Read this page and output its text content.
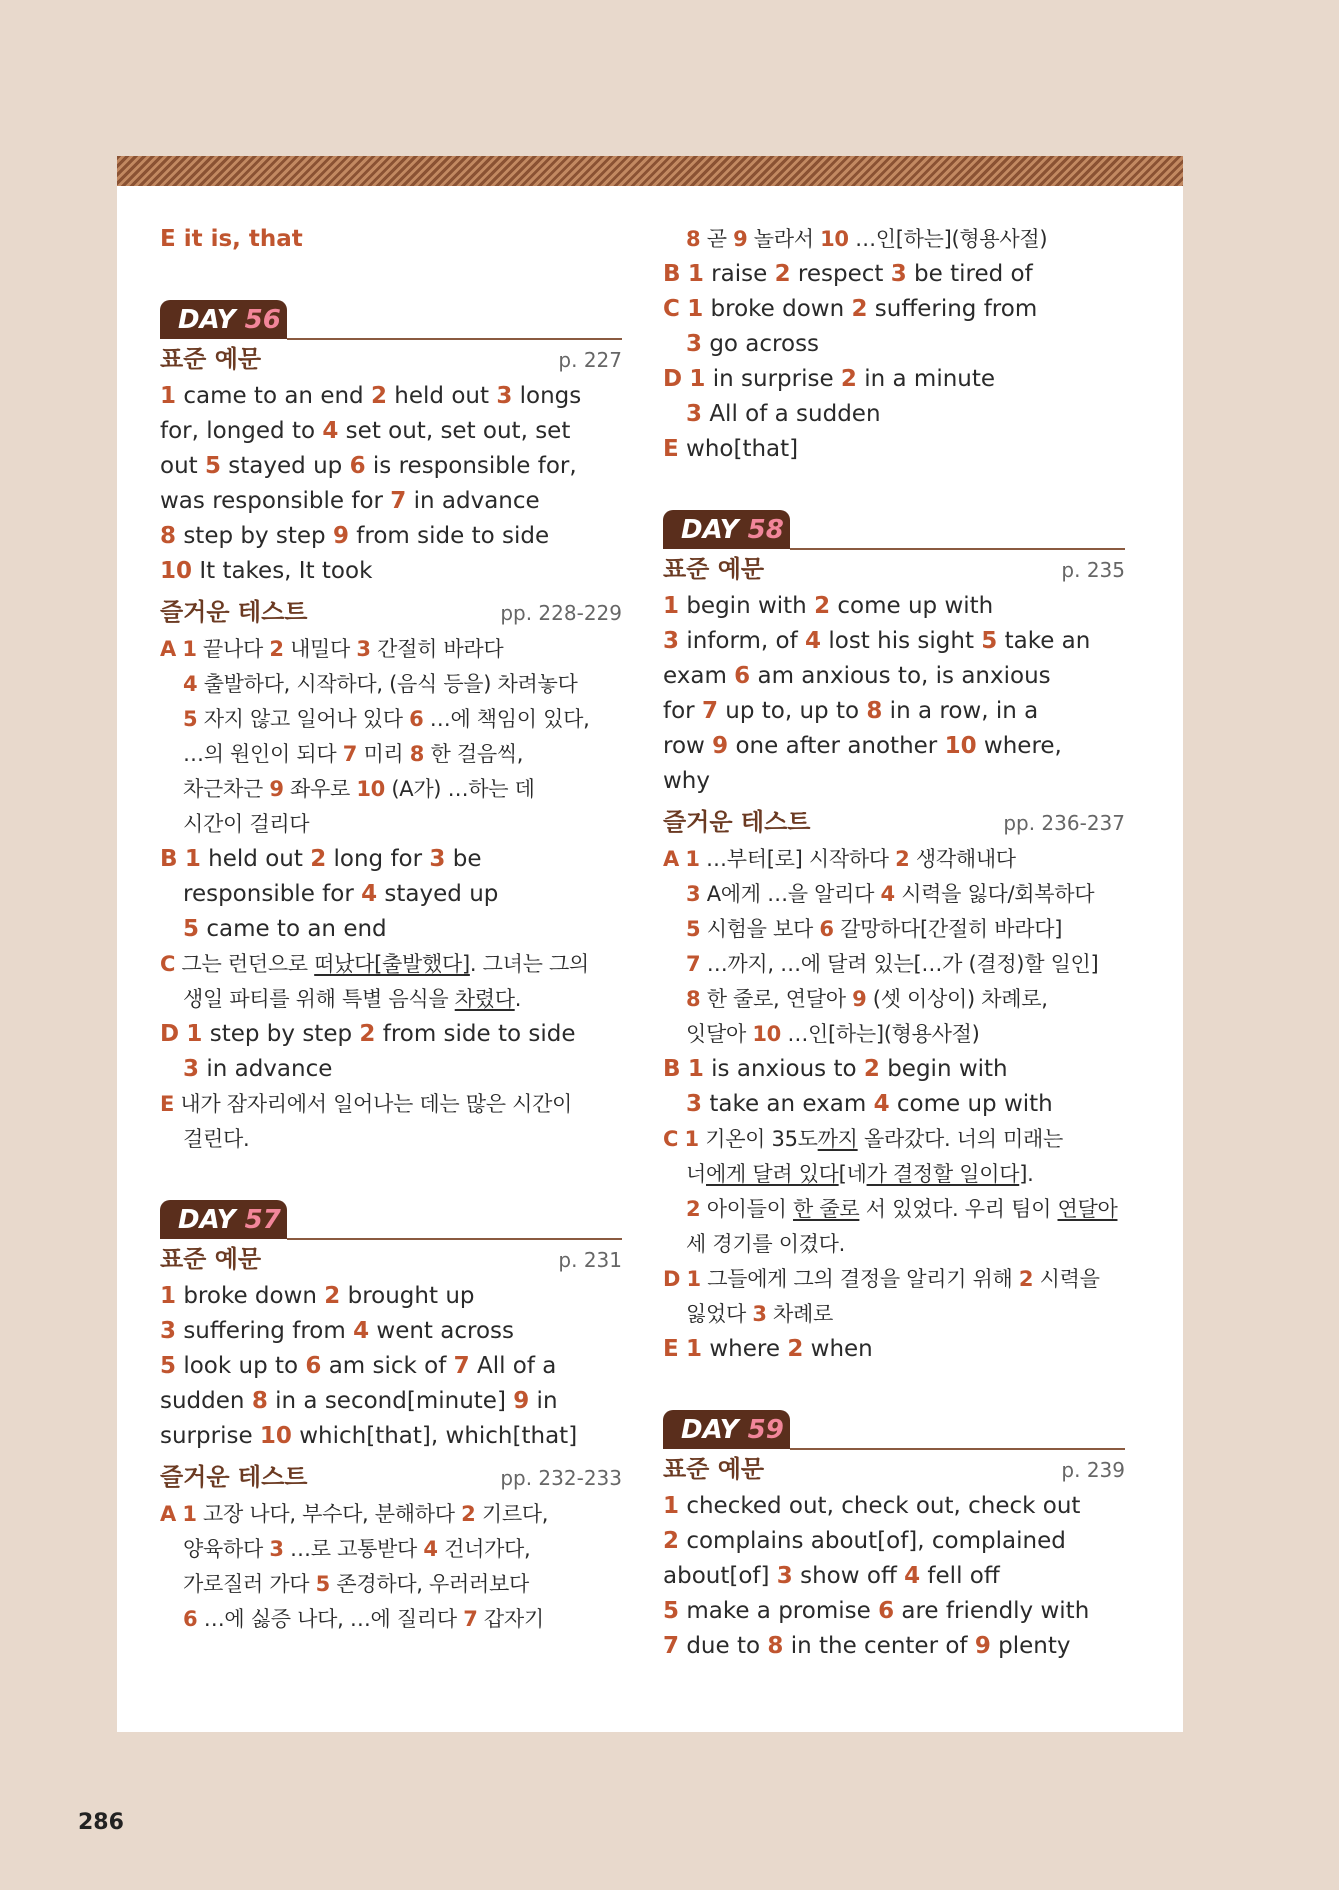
E it is, that
DAY 56
표준 예문	p. 227
1 came to an end 2 held out 3 longs
for, longed to 4 set out, set out, set
out 5 stayed up 6 is responsible for,
was responsible for 7 in advance
8 step by step 9 from side to side
10 It takes, It took
즐거운 테스트	pp. 228-229
A 1 끝나다 2 내밀다 3 간절히 바라다
4 출발하다, 시작하다, (음식 등을) 차려놓다
5 자지 않고 일어나 있다 6 …에 책임이 있다,
…의 원인이 되다 7 미리 8 한 걸음씩,
차근차근 9 좌우로 10 (A가) …하는 데
시간이 걸리다
B 1 held out 2 long for 3 be
responsible for 4 stayed up
5 came to an end
C 그는 런던으로 떠났다[출발했다]. 그녀는 그의
생일 파티를 위해 특별 음식을 차렸다.
D 1 step by step 2 from side to side
3 in advance
E 내가 잠자리에서 일어나는 데는 많은 시간이
걸린다.
DAY 57
표준 예문	p. 231
1 broke down 2 brought up
3 suffering from 4 went across
5 look up to 6 am sick of 7 All of a
sudden 8 in a second[minute] 9 in
surprise 10 which[that], which[that]
즐거운 테스트	pp. 232-233
A 1 고장 나다, 부수다, 분해하다 2 기르다,
양육하다 3 …로 고통받다 4 건너가다,
가로질러 가다 5 존경하다, 우러러보다
6 …에 싫증 나다, …에 질리다 7 갑자기
8 곧 9 놀라서 10 …인[하는](형용사절)
B 1 raise 2 respect 3 be tired of
C 1 broke down 2 suffering from
3 go across
D 1 in surprise 2 in a minute
3 All of a sudden
E who[that]
DAY 58
표준 예문	p. 235
1 begin with 2 come up with
3 inform, of 4 lost his sight 5 take an
exam 6 am anxious to, is anxious
for 7 up to, up to 8 in a row, in a
row 9 one after another 10 where,
why
즐거운 테스트	pp. 236-237
A 1 …부터[로] 시작하다 2 생각해내다
3 A에게 …을 알리다 4 시력을 잃다/회복하다
5 시험을 보다 6 갈망하다[간절히 바라다]
7 …까지, …에 달려 있는[…가 (결정)할 일인]
8 한 줄로, 연달아 9 (셋 이상이) 차례로,
잇달아 10 …인[하는](형용사절)
B 1 is anxious to 2 begin with
3 take an exam 4 come up with
C 1 기온이 35도까지 올라갔다. 너의 미래는
너에게 달려 있다[네가 결정할 일이다].
2 아이들이 한 줄로 서 있었다. 우리 팀이 연달아
세 경기를 이겼다.
D 1 그들에게 그의 결정을 알리기 위해 2 시력을
잃었다 3 차례로
E 1 where 2 when
DAY 59
표준 예문	p. 239
1 checked out, check out, check out
2 complains about[of], complained
about[of] 3 show off 4 fell off
5 make a promise 6 are friendly with
7 due to 8 in the center of 9 plenty
286
